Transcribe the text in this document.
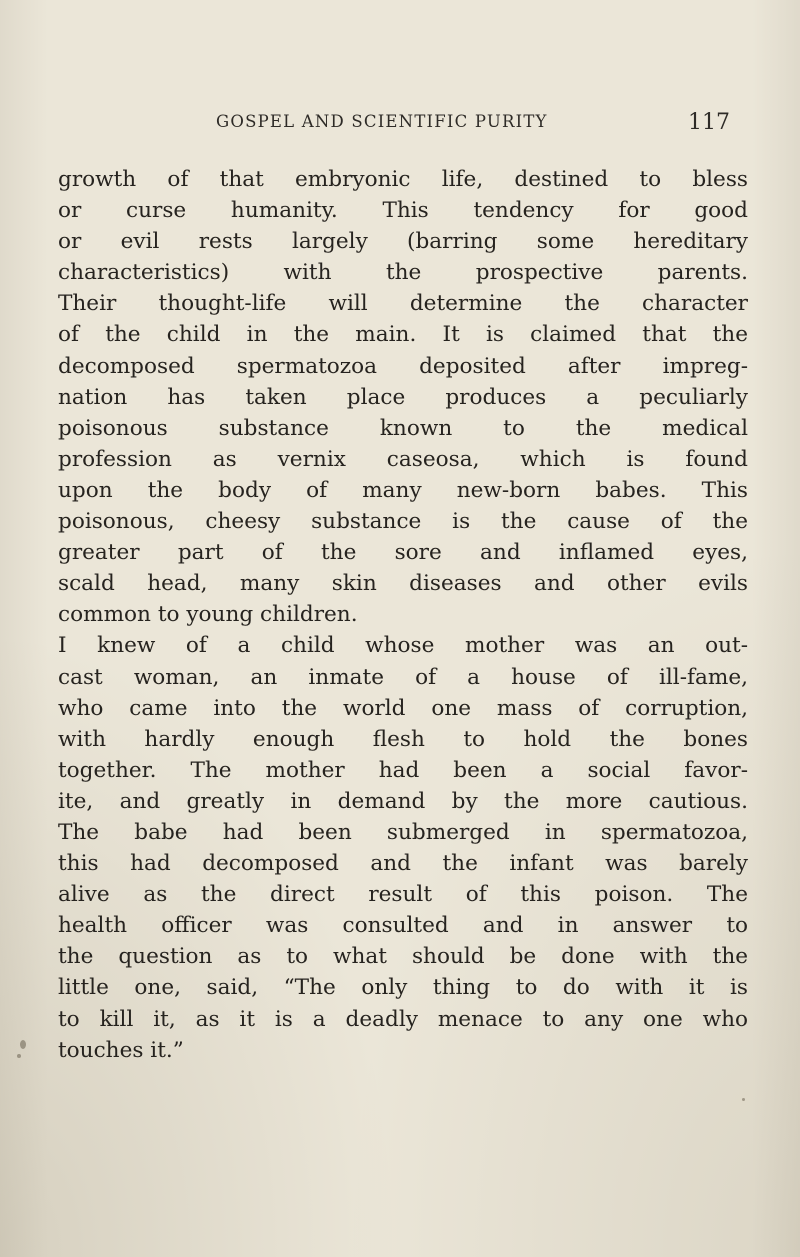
GOSPEL AND SCIENTIFIC PURITY	117
growth of that embryonic life, destined to bless
or curse humanity. This tendency for good
or evil rests largely (barring some hereditary
characteristics) with the prospective parents.
Their thought-life will determine the character
of the child in the main. It is claimed that the
decomposed spermatozoa deposited after impreg-
nation has taken place produces a peculiarly
poisonous substance known to the medical
profession as vernix caseosa, which is found
upon the body of many new-born babes. This
poisonous, cheesy substance is the cause of the
greater part of the sore and inflamed eyes,
scald head, many skin diseases and other evils
common to young children.
I knew of a child whose mother was an out-
cast woman, an inmate of a house of ill-fame,
who came into the world one mass of corruption,
with hardly enough flesh to hold the bones
together. The mother had been a social favor-
ite, and greatly in demand by the more cautious.
The babe had been submerged in spermatozoa,
this had decomposed and the infant was barely
alive as the direct result of this poison. The
health officer was consulted and in answer to
the question as to what should be done with the
little one, said, “The only thing to do with it is
to kill it, as it is a deadly menace to any one who
touches it.”
